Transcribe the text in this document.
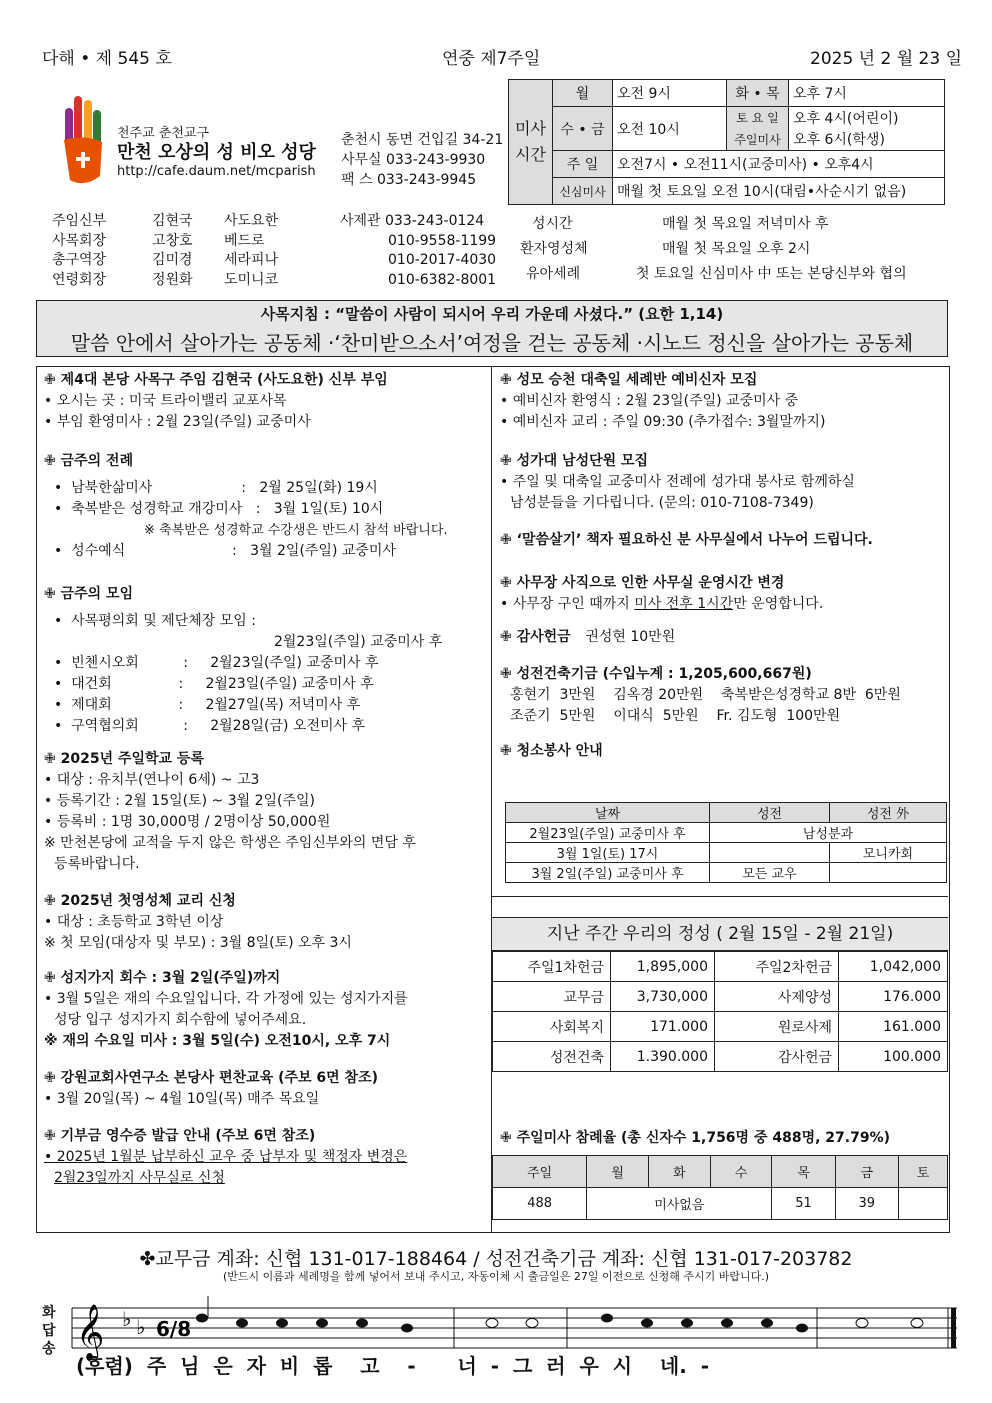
다해 • 제 545 호	연중 제7주일	2025 년 2 월 23 일
천주교 춘천교구
만천 오상의 성 비오 성당
http://cafe.daum.net/mcparish
춘천시 동면 건입길 34-21
사무실 033-243-9930
팩 스 033-243-9945
미사 시간	월	오전 9시	화 • 목	오후 7시
	수 • 금	오전 10시	토 요 일	오후 4시(어린이)
			주일미사	오후 6시(학생)
	주 일	오전7시 • 오전11시(교중미사) • 오후4시		
	신심미사	매월 첫 토요일 오전 10시(대림•사순시기 없음)		
주임신부	김현국 사도요한	사제관 033-243-0124
사목회장	고창호 베드로	010-9558-1199
총구역장	김미경 세라피나	010-2017-4030
연령회장	정원화 도미니코	010-6382-8001
성시간	매월 첫 목요일 저녁미사 후
환자영성체	매월 첫 목요일 오후 2시
유아세례	첫 토요일 신심미사 中 또는 본당신부와 협의
사목지침 : “말씀이 사람이 되시어 우리 가운데 사셨다.” (요한 1,14)
말씀 안에서 살아가는 공동체 ·‘찬미받으소서’여정을 걷는 공동체 ·시노드 정신을 살아가는 공동체
✙ 제4대 본당 사목구 주임 김현국 (사도요한) 신부 부임
• 오시는 곳 : 미국 트라이밸리 교포사목
• 부임 환영미사 : 2월 23일(주일) 교중미사
✙ 금주의 전례
•  남북한삶미사                    :   2월 25일(화) 19시
•  축복받은 성경학교 개강미사   :   3월 1일(토) 10시
※ 축복받은 성경학교 수강생은 반드시 참석 바랍니다.
•  성수예식                        :   3월 2일(주일) 교중미사
✙ 금주의 모임
•  사목평의회 및 제단체장 모임 :
2월23일(주일) 교중미사 후
•  빈첸시오회          :     2월23일(주일) 교중미사 후
•  대건회               :     2월23일(주일) 교중미사 후
•  제대회               :     2월27일(목) 저녁미사 후
•  구역협의회          :     2월28일(금) 오전미사 후
✙ 2025년 주일학교 등록
• 대상 : 유치부(연나이 6세) ~ 고3
• 등록기간 : 2월 15일(토) ~ 3월 2일(주일)
• 등록비 : 1명 30,000명 / 2명이상 50,000원
※ 만천본당에 교적을 두지 않은 학생은 주임신부와의 면담 후
등록바랍니다.
✙ 2025년 첫영성체 교리 신청
• 대상 : 초등학교 3학년 이상
※ 첫 모임(대상자 및 부모) : 3월 8일(토) 오후 3시
✙ 성지가지 회수 : 3월 2일(주일)까지
• 3월 5일은 재의 수요일입니다. 각 가정에 있는 성지가지를
성당 입구 성지가지 회수함에 넣어주세요.
※ 재의 수요일 미사 : 3월 5일(수) 오전10시, 오후 7시
✙ 강원교회사연구소 본당사 편찬교육 (주보 6면 참조)
• 3월 20일(목) ~ 4월 10일(목) 매주 목요일
✙ 기부금 영수증 발급 안내 (주보 6면 참조)
• 2025년 1월분 납부하신 교우 중 납부자 및 책정자 변경은
2월23일까지 사무실로 신청
✙ 성모 승천 대축일 세례반 예비신자 모집
• 예비신자 환영식 : 2월 23일(주일) 교중미사 중
• 예비신자 교리 : 주일 09:30 (추가접수: 3월말까지)
✙ 성가대 남성단원 모집
• 주일 및 대축일 교중미사 전례에 성가대 봉사로 함께하실
남성분들을 기다립니다. (문의: 010-7108-7349)
✙ ‘말씀살기’ 책자 필요하신 분 사무실에서 나누어 드립니다.
✙ 사무장 사직으로 인한 사무실 운영시간 변경
• 사무장 구인 때까지 미사 전후 1시간만 운영합니다.
✙ 감사헌금 권성현 10만원
✙ 성전건축기금 (수입누계 : 1,205,600,667원)
홍현기  3만원    김옥경 20만원    축복받은성경학교 8반  6만원
조준기  5만원    이대식  5만원    Fr. 김도형  100만원
✙ 청소봉사 안내
날짜	성전	성전 外
2월23일(주일) 교중미사 후	남성분과	
3월 1일(토) 17시		모니카회
3월 2일(주일) 교중미사 후	모든 교우	
지난 주간 우리의 정성 ( 2월 15일 - 2월 21일)
주일1차헌금	1,895,000	주일2차헌금	1,042,000
교무금	3,730,000	사제양성	176.000
사회복지	171.000	원로사제	161.000
성전건축	1.390.000	감사헌금	100.000
✙ 주일미사 참례율 (총 신자수 1,756명 중 488명, 27.79%)
주일	월	화	수	목	금	토
488	미사없음			51	39	
✤교무금 계좌: 신협 131-017-188464 / 성전건축기금 계좌: 신협 131-017-203782
(반드시 이름과 세례명을 함께 넣어서 보내 주시고, 자동이체 시 출금일은 27일 이전으로 신청해 주시기 바랍니다.)
화답송 𝄞 ♭ ♭ 6/8
(후렴)  주  님  은  자  비  롭    고    -      너  -  그  러  우  시    네.  -
